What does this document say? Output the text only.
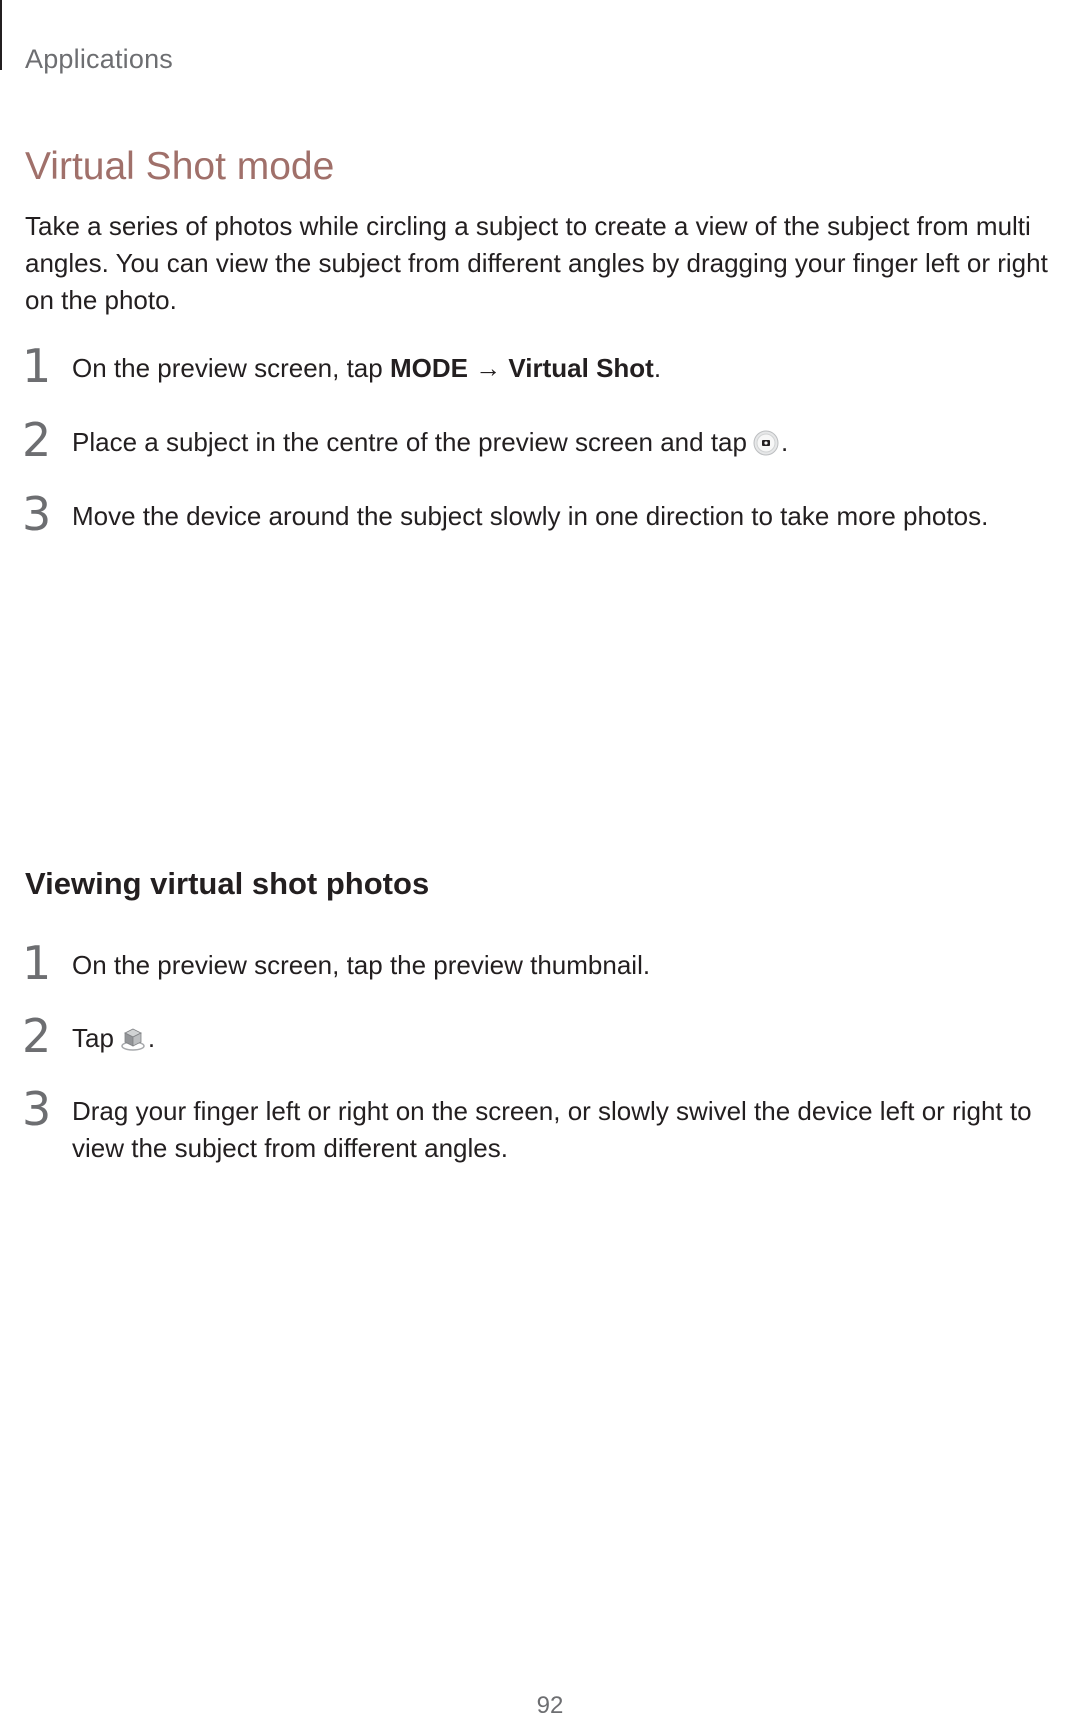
Applications
Virtual Shot mode

Take a series of photos while circling a subject to create a view of the subject from multi angles. You can view the subject from different angles by dragging your finger left or right on the photo.

1 On the preview screen, tap MODE → Virtual Shot.
2 Place a subject in the centre of the preview screen and tap .
3 Move the device around the subject slowly in one direction to take more photos.
Viewing virtual shot photos
1 On the preview screen, tap the preview thumbnail.
2 Tap .
3 Drag your finger left or right on the screen, or slowly swivel the device left or right to view the subject from different angles.
92
